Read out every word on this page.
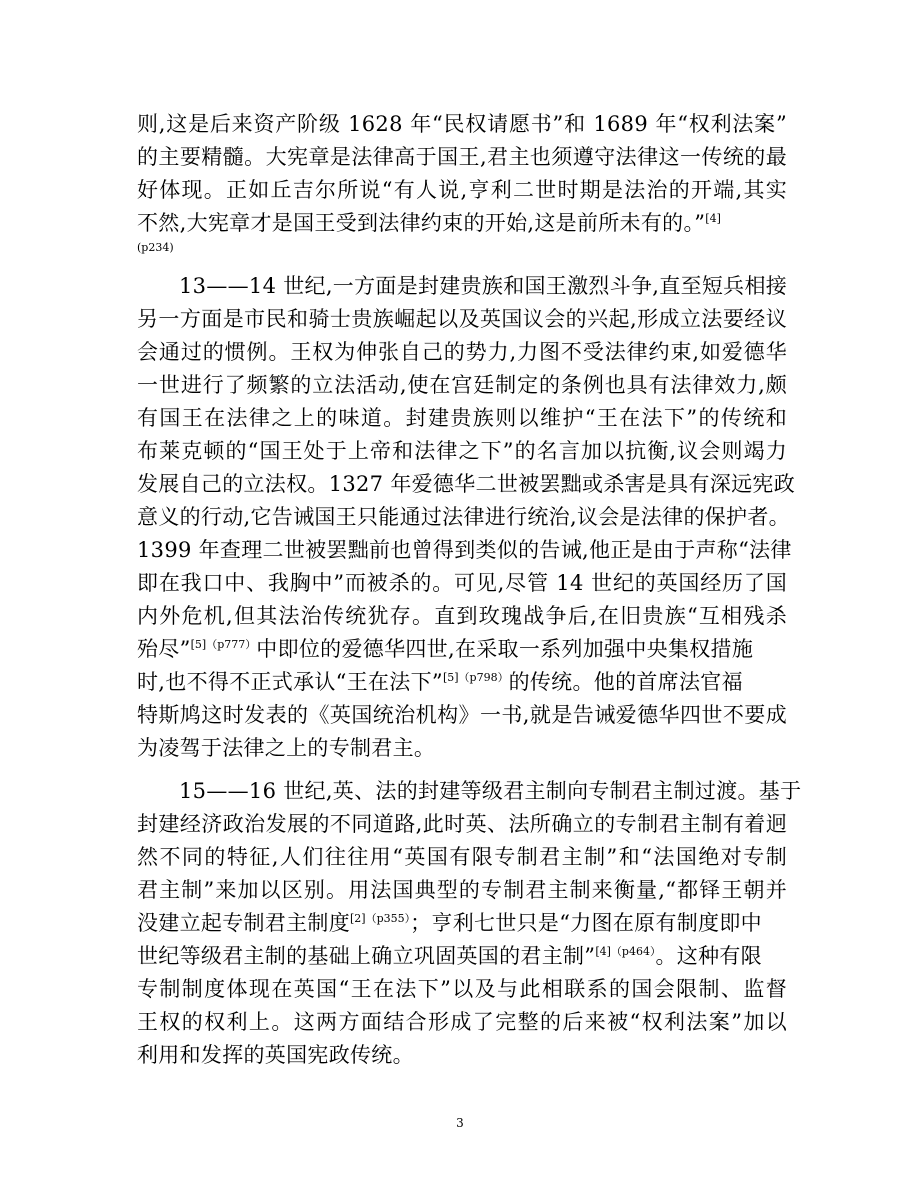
则,这是后来资产阶级 1628 年“民权请愿书”和 1689 年“权利法案”
的主要精髓。大宪章是法律高于国王,君主也须遵守法律这一传统的最
好体现。正如丘吉尔所说“有人说,亨利二世时期是法治的开端,其实
不然,大宪章才是国王受到法律约束的开始,这是前所未有的。”[4]
(p234)
13——14 世纪,一方面是封建贵族和国王激烈斗争,直至短兵相接
另一方面是市民和骑士贵族崛起以及英国议会的兴起,形成立法要经议
会通过的惯例。王权为伸张自己的势力,力图不受法律约束,如爱德华
一世进行了频繁的立法活动,使在宫廷制定的条例也具有法律效力,颇
有国王在法律之上的味道。封建贵族则以维护“王在法下”的传统和
布莱克顿的“国王处于上帝和法律之下”的名言加以抗衡,议会则竭力
发展自己的立法权。1327 年爱德华二世被罢黜或杀害是具有深远宪政
意义的行动,它告诫国王只能通过法律进行统治,议会是法律的保护者。
1399 年查理二世被罢黜前也曾得到类似的告诫,他正是由于声称“法律
即在我口中、我胸中”而被杀的。可见,尽管 14 世纪的英国经历了国
内外危机,但其法治传统犹存。直到玫瑰战争后,在旧贵族“互相残杀
殆尽”$^{[5](p777)}$中即位的爱德华四世,在采取一系列加强中央集权措施
时,也不得不正式承认“王在法下”$^{[5](p798)}$的传统。他的首席法官福
特斯鸠这时发表的《英国统治机构》一书,就是告诫爱德华四世不要成
为凌驾于法律之上的专制君主。
15——16 世纪,英、法的封建等级君主制向专制君主制过渡。基于
封建经济政治发展的不同道路,此时英、法所确立的专制君主制有着迥
然不同的特征,人们往往用“英国有限专制君主制”和“法国绝对专制
君主制”来加以区别。用法国典型的专制君主制来衡量,“都铎王朝并
没建立起专制君主制度$^{[2](p355)}$；亨利七世只是“力图在原有制度即中
世纪等级君主制的基础上确立巩固英国的君主制”$^{[4](p464)}$。这种有限
专制制度体现在英国“王在法下”以及与此相联系的国会限制、监督
王权的权利上。这两方面结合形成了完整的后来被“权利法案”加以
利用和发挥的英国宪政传统。
3
